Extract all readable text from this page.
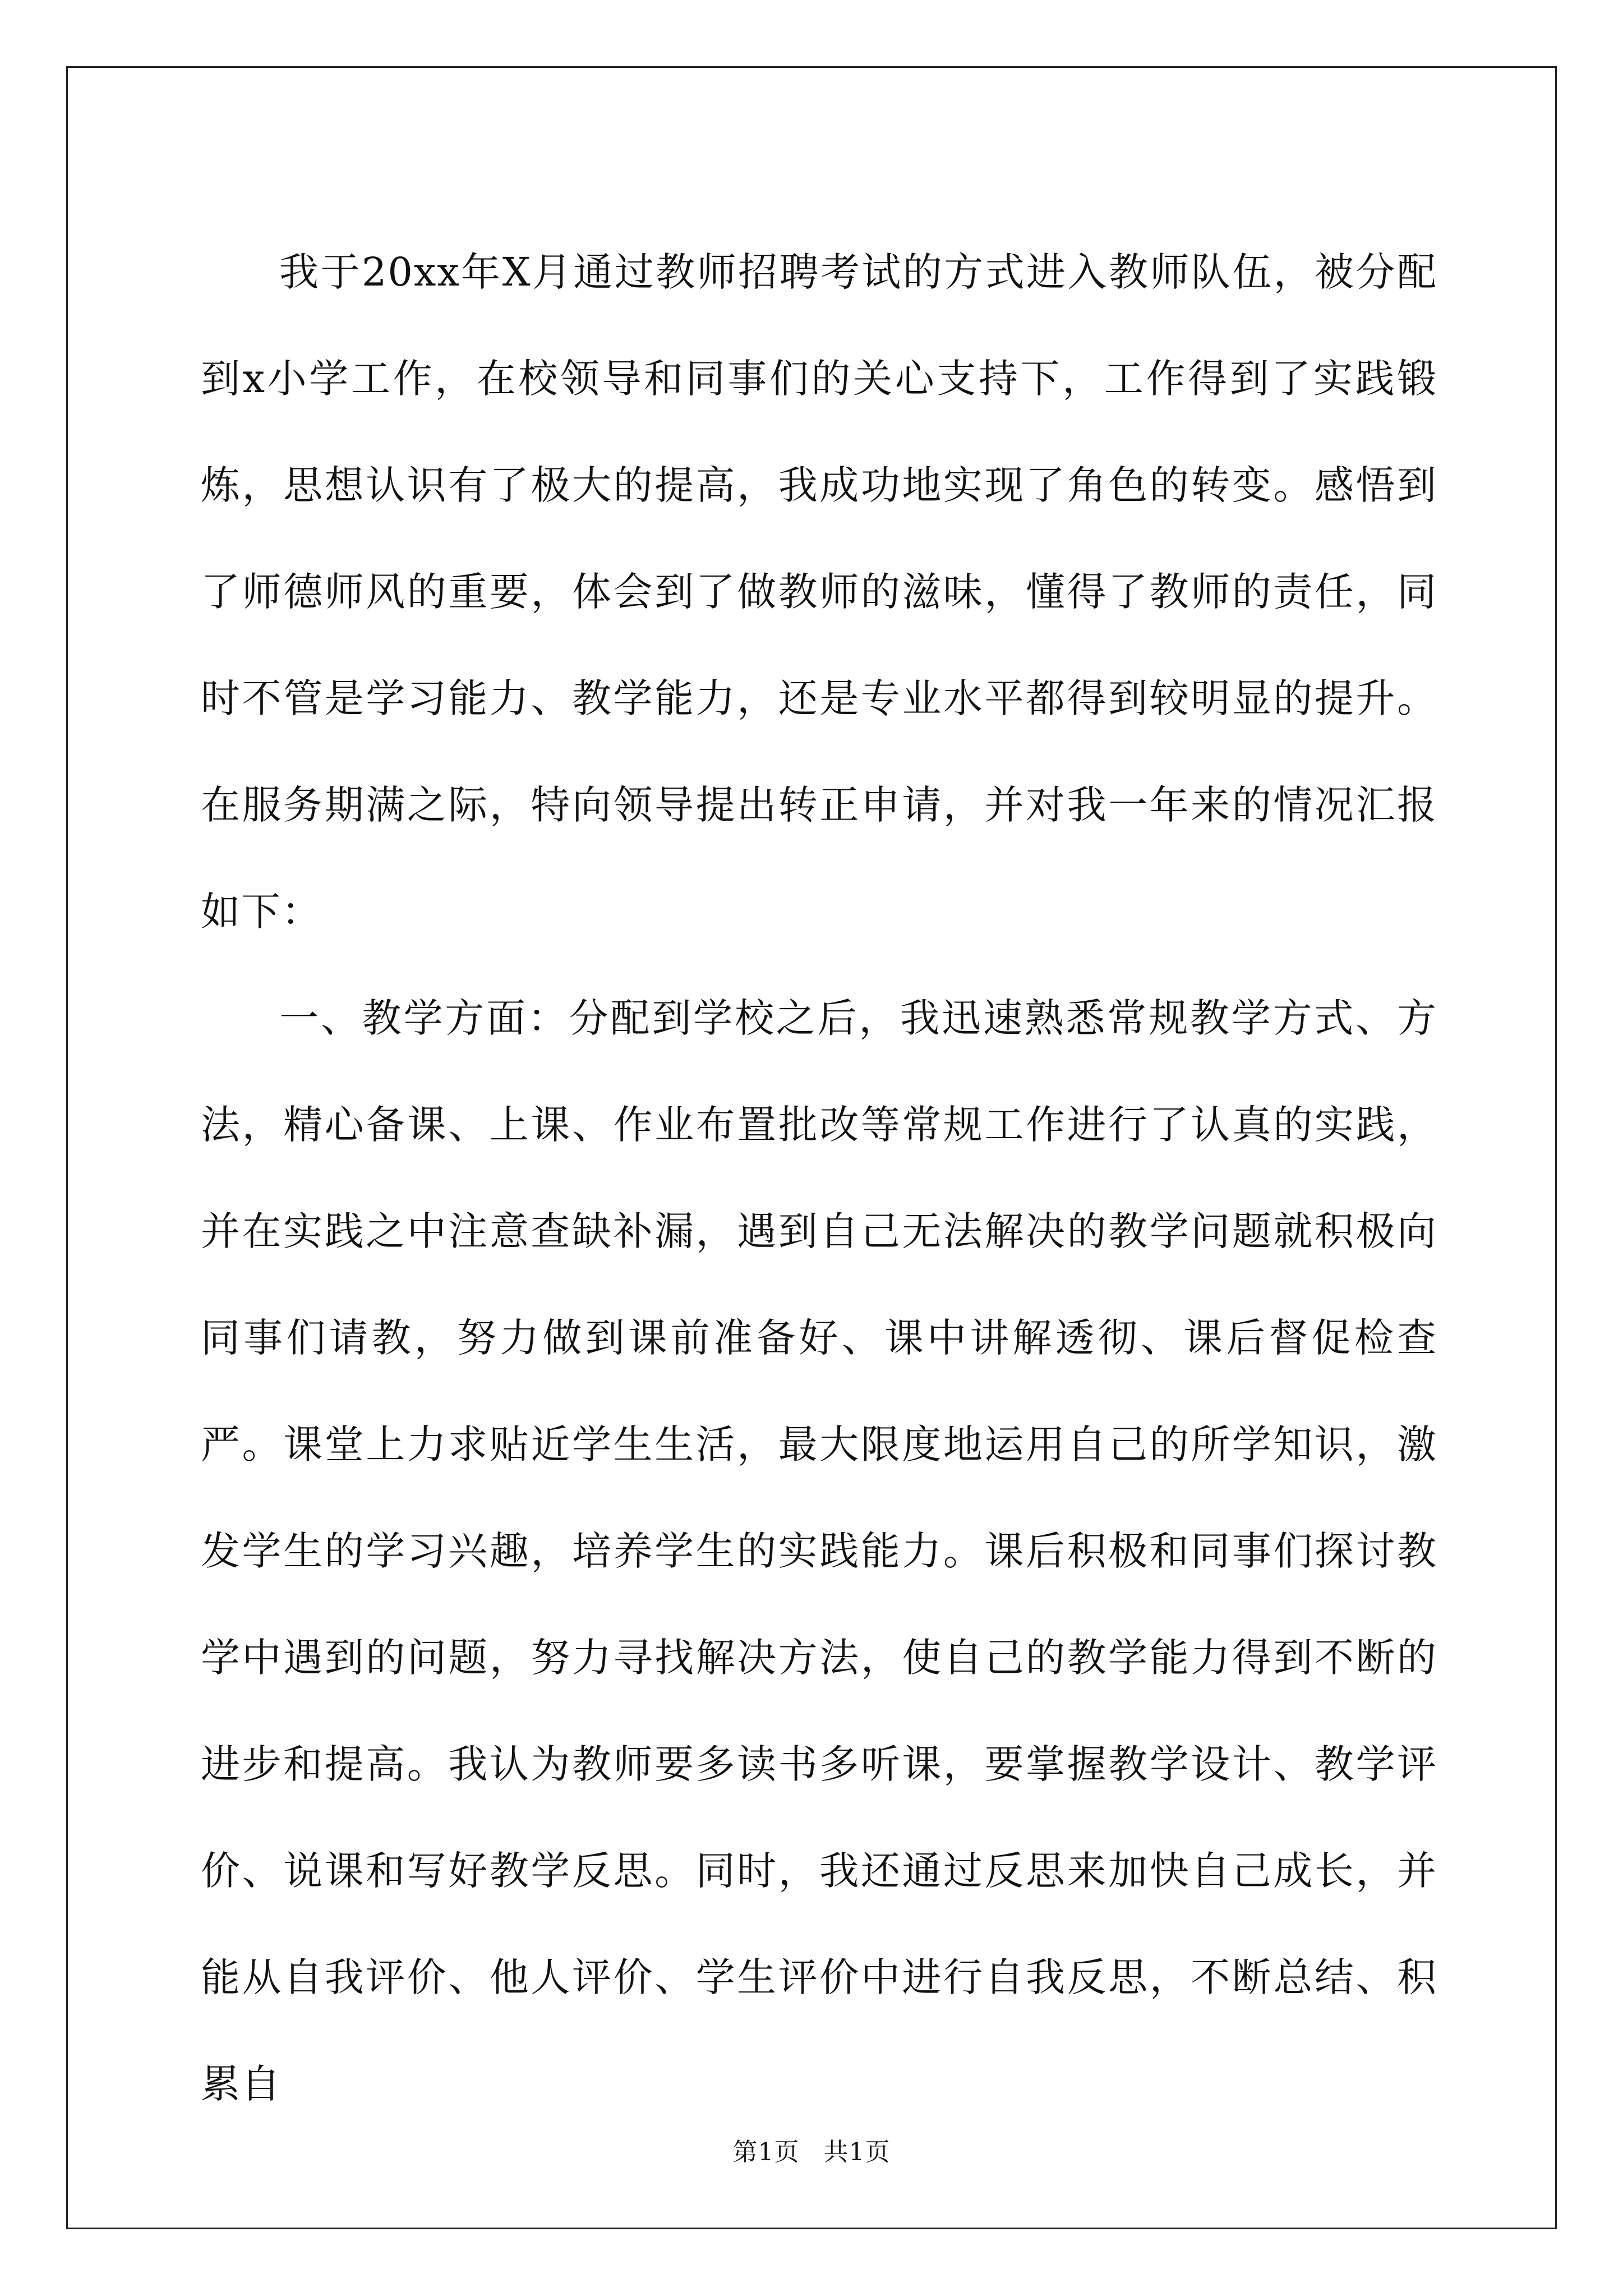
我于20xx年X月通过教师招聘考试的方式进入教师队伍，被分配到x小学工作，在校领导和同事们的关心支持下，工作得到了实践锻炼，思想认识有了极大的提高，我成功地实现了角色的转变。感悟到了师德师风的重要，体会到了做教师的滋味，懂得了教师的责任，同时不管是学习能力、教学能力，还是专业水平都得到较明显的提升。在服务期满之际，特向领导提出转正申请，并对我一年来的情况汇报如下：

一、教学方面：分配到学校之后，我迅速熟悉常规教学方式、方法，精心备课、上课、作业布置批改等常规工作进行了认真的实践，并在实践之中注意查缺补漏，遇到自己无法解决的教学问题就积极向同事们请教，努力做到课前准备好、课中讲解透彻、课后督促检查严。课堂上力求贴近学生生活，最大限度地运用自己的所学知识，激发学生的学习兴趣，培养学生的实践能力。课后积极和同事们探讨教学中遇到的问题，努力寻找解决方法，使自己的教学能力得到不断的进步和提高。我认为教师要多读书多听课，要掌握教学设计、教学评价、说课和写好教学反思。同时，我还通过反思来加快自己成长，并能从自我评价、他人评价、学生评价中进行自我反思，不断总结、积累自

第1页 共1页
